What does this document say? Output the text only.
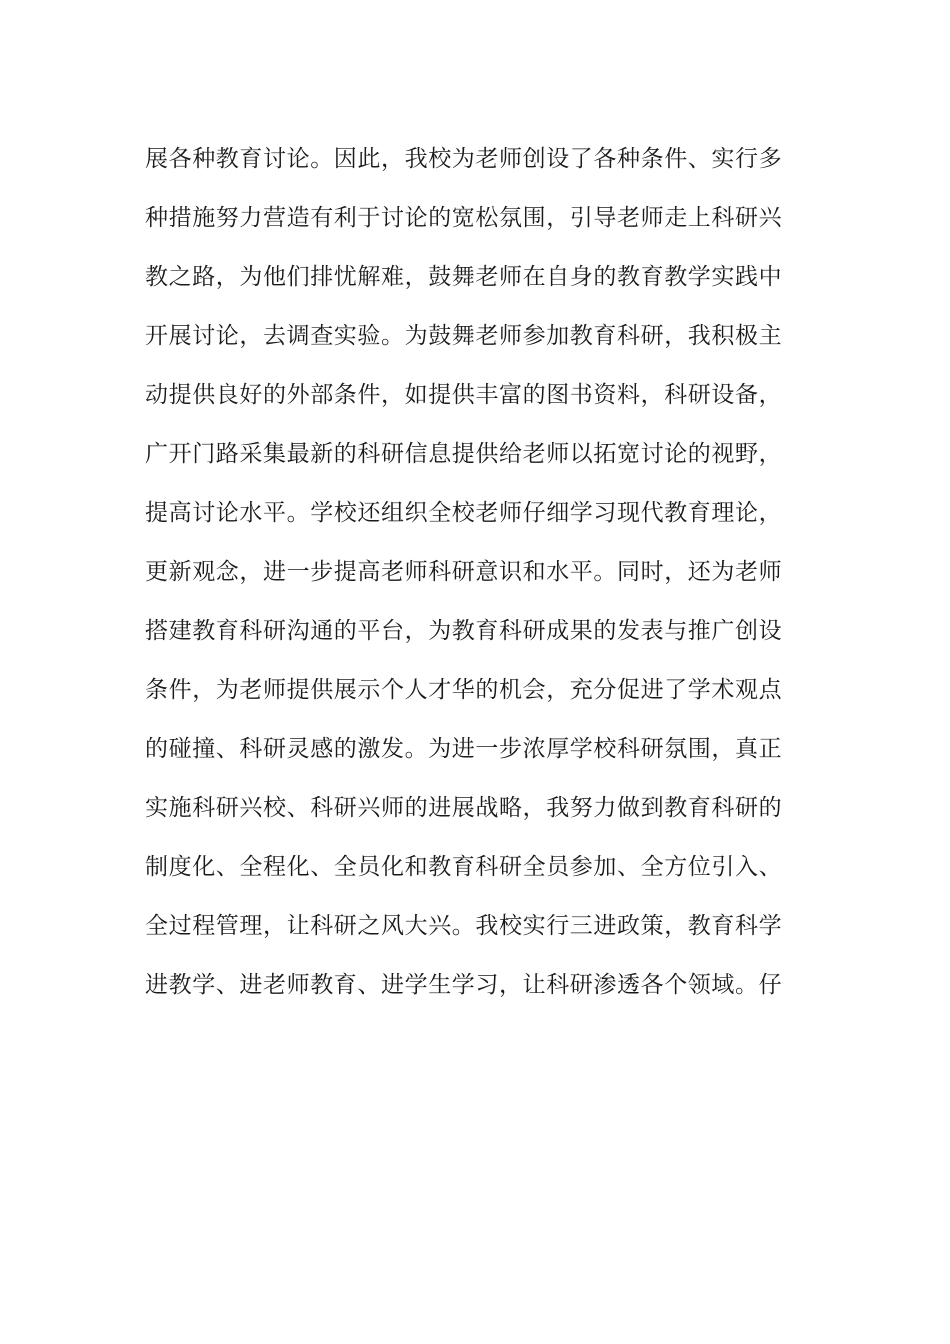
展各种教育讨论。因此，我校为老师创设了各种条件、实行多
种措施努力营造有利于讨论的宽松氛围，引导老师走上科研兴
教之路，为他们排忧解难，鼓舞老师在自身的教育教学实践中
开展讨论，去调查实验。为鼓舞老师参加教育科研，我积极主
动提供良好的外部条件，如提供丰富的图书资料，科研设备，
广开门路采集最新的科研信息提供给老师以拓宽讨论的视野，
提高讨论水平。学校还组织全校老师仔细学习现代教育理论，
更新观念，进一步提高老师科研意识和水平。同时，还为老师
搭建教育科研沟通的平台，为教育科研成果的发表与推广创设
条件，为老师提供展示个人才华的机会，充分促进了学术观点
的碰撞、科研灵感的激发。为进一步浓厚学校科研氛围，真正
实施科研兴校、科研兴师的进展战略，我努力做到教育科研的
制度化、全程化、全员化和教育科研全员参加、全方位引入、
全过程管理，让科研之风大兴。我校实行三进政策，教育科学
进教学、进老师教育、进学生学习，让科研渗透各个领域。仔
